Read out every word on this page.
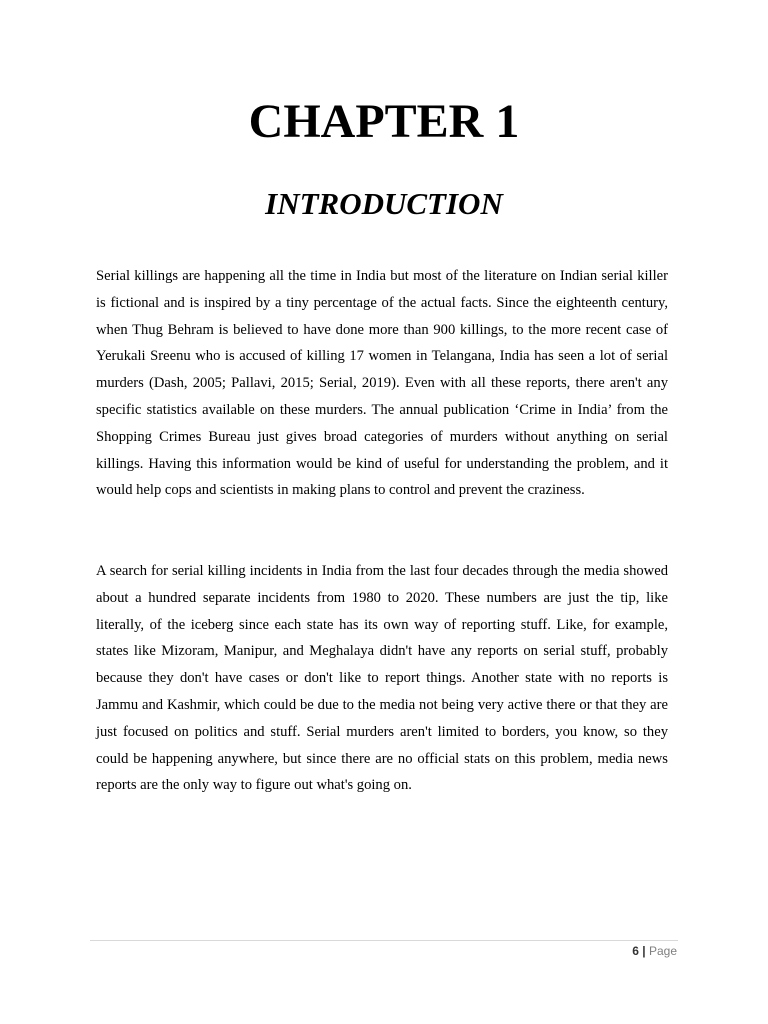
CHAPTER 1
INTRODUCTION

Serial killings are happening all the time in India but most of the literature on Indian serial killer is fictional and is inspired by a tiny percentage of the actual facts. Since the eighteenth century, when Thug Behram is believed to have done more than 900 killings, to the more recent case of Yerukali Sreenu who is accused of killing 17 women in Telangana, India has seen a lot of serial murders (Dash, 2005; Pallavi, 2015; Serial, 2019). Even with all these reports, there aren't any specific statistics available on these murders. The annual publication ‘Crime in India’ from the Shopping Crimes Bureau just gives broad categories of murders without anything on serial killings. Having this information would be kind of useful for understanding the problem, and it would help cops and scientists in making plans to control and prevent the craziness.

A search for serial killing incidents in India from the last four decades through the media showed about a hundred separate incidents from 1980 to 2020. These numbers are just the tip, like literally, of the iceberg since each state has its own way of reporting stuff. Like, for example, states like Mizoram, Manipur, and Meghalaya didn't have any reports on serial stuff, probably because they don't have cases or don't like to report things. Another state with no reports is Jammu and Kashmir, which could be due to the media not being very active there or that they are just focused on politics and stuff. Serial murders aren't limited to borders, you know, so they could be happening anywhere, but since there are no official stats on this problem, media news reports are the only way to figure out what's going on.

6 | Page
